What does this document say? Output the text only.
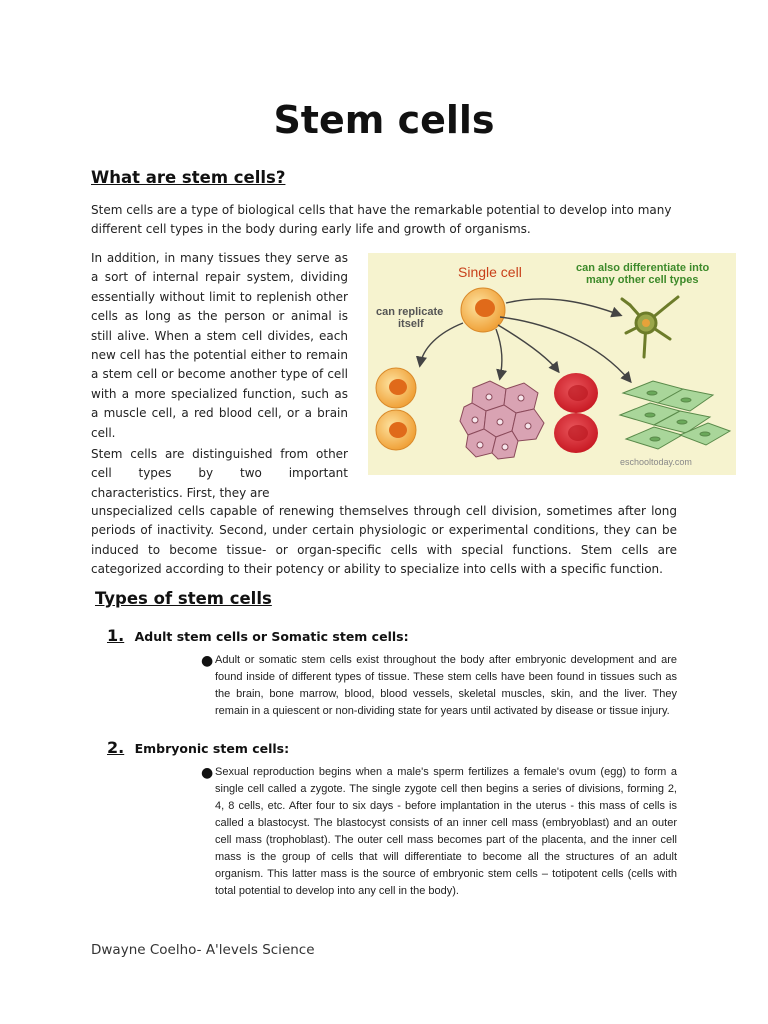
Stem cells
What are stem cells?
Stem cells are a type of biological cells that have the remarkable potential to develop into many different cell types in the body during early life and growth of organisms.
In addition, in many tissues they serve as a sort of internal repair system, dividing essentially without limit to replenish other cells as long as the person or animal is still alive. When a stem cell divides, each new cell has the potential either to remain a stem cell or become another type of cell with a more specialized function, such as a muscle cell, a red blood cell, or a brain cell.
Stem cells are distinguished from other cell types by two important characteristics. First, they are
unspecialized cells capable of renewing themselves through cell division, sometimes after long periods of inactivity. Second, under certain physiologic or experimental conditions, they can be induced to become tissue- or organ-specific cells with special functions. Stem cells are categorized according to their potency or ability to specialize into cells with a specific function.
Single cell
can replicate
itself
can also differentiate into
many other cell types
eschooltoday.com
Types of stem cells
1. Adult stem cells or Somatic stem cells:
● Adult or somatic stem cells exist throughout the body after embryonic development and are found inside of different types of tissue. These stem cells have been found in tissues such as the brain, bone marrow, blood, blood vessels, skeletal muscles, skin, and the liver. They remain in a quiescent or non-dividing state for years until activated by disease or tissue injury.
2. Embryonic stem cells:
● Sexual reproduction begins when a male's sperm fertilizes a female's ovum (egg) to form a single cell called a zygote. The single zygote cell then begins a series of divisions, forming 2, 4, 8 cells, etc. After four to six days - before implantation in the uterus - this mass of cells is called a blastocyst. The blastocyst consists of an inner cell mass (embryoblast) and an outer cell mass (trophoblast). The outer cell mass becomes part of the placenta, and the inner cell mass is the group of cells that will differentiate to become all the structures of an adult organism. This latter mass is the source of embryonic stem cells – totipotent cells (cells with total potential to develop into any cell in the body).
Dwayne Coelho- A'levels Science
